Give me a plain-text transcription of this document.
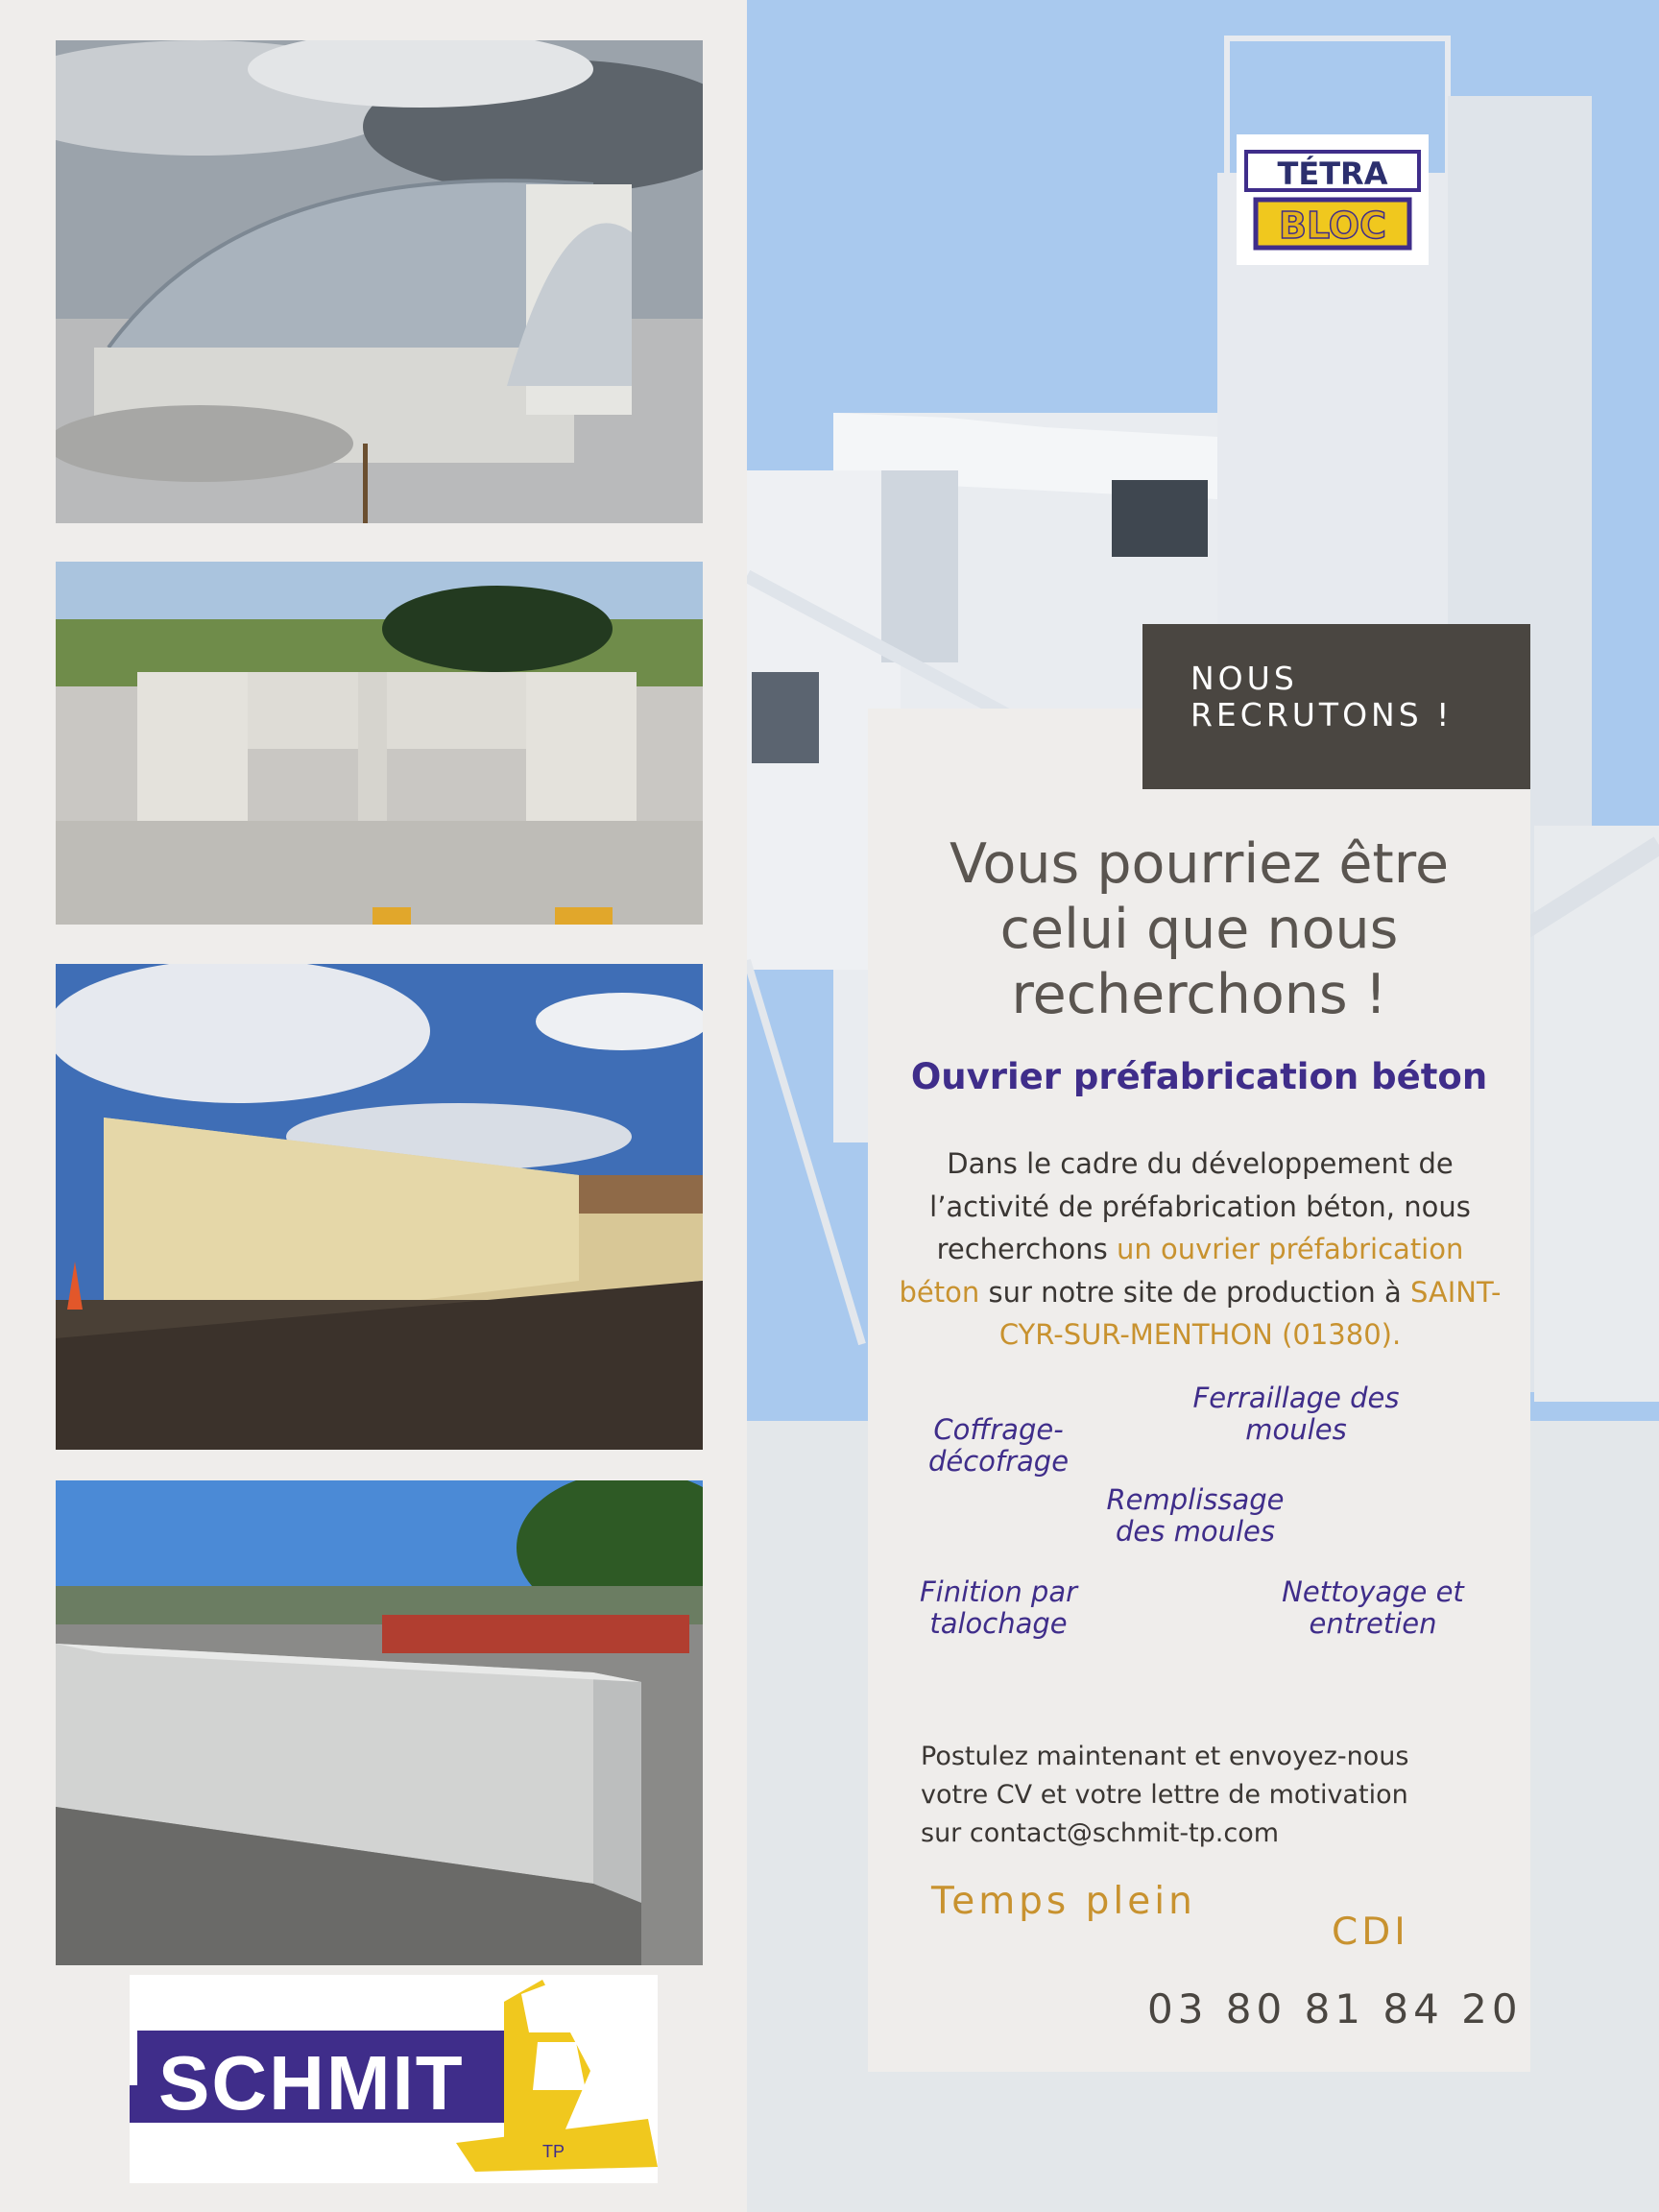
SCHMIT
TP
TÉTRA
BLOC
NOUS
RECRUTONS !
Vous pourriez être
celui que nous
recherchons !
Ouvrier préfabrication béton
Dans le cadre du développement de l’activité de préfabrication béton, nous recherchons un ouvrier préfabrication béton sur notre site de production à SAINT-CYR-SUR-MENTHON (01380).
Coffrage-
décofrage
Ferraillage des
moules
Remplissage
des moules
Finition par
talochage
Nettoyage et
entretien
Postulez maintenant et envoyez-nous
votre CV et votre lettre de motivation
sur contact@schmit-tp.com
Temps plein
CDI
03 80 81 84 20
